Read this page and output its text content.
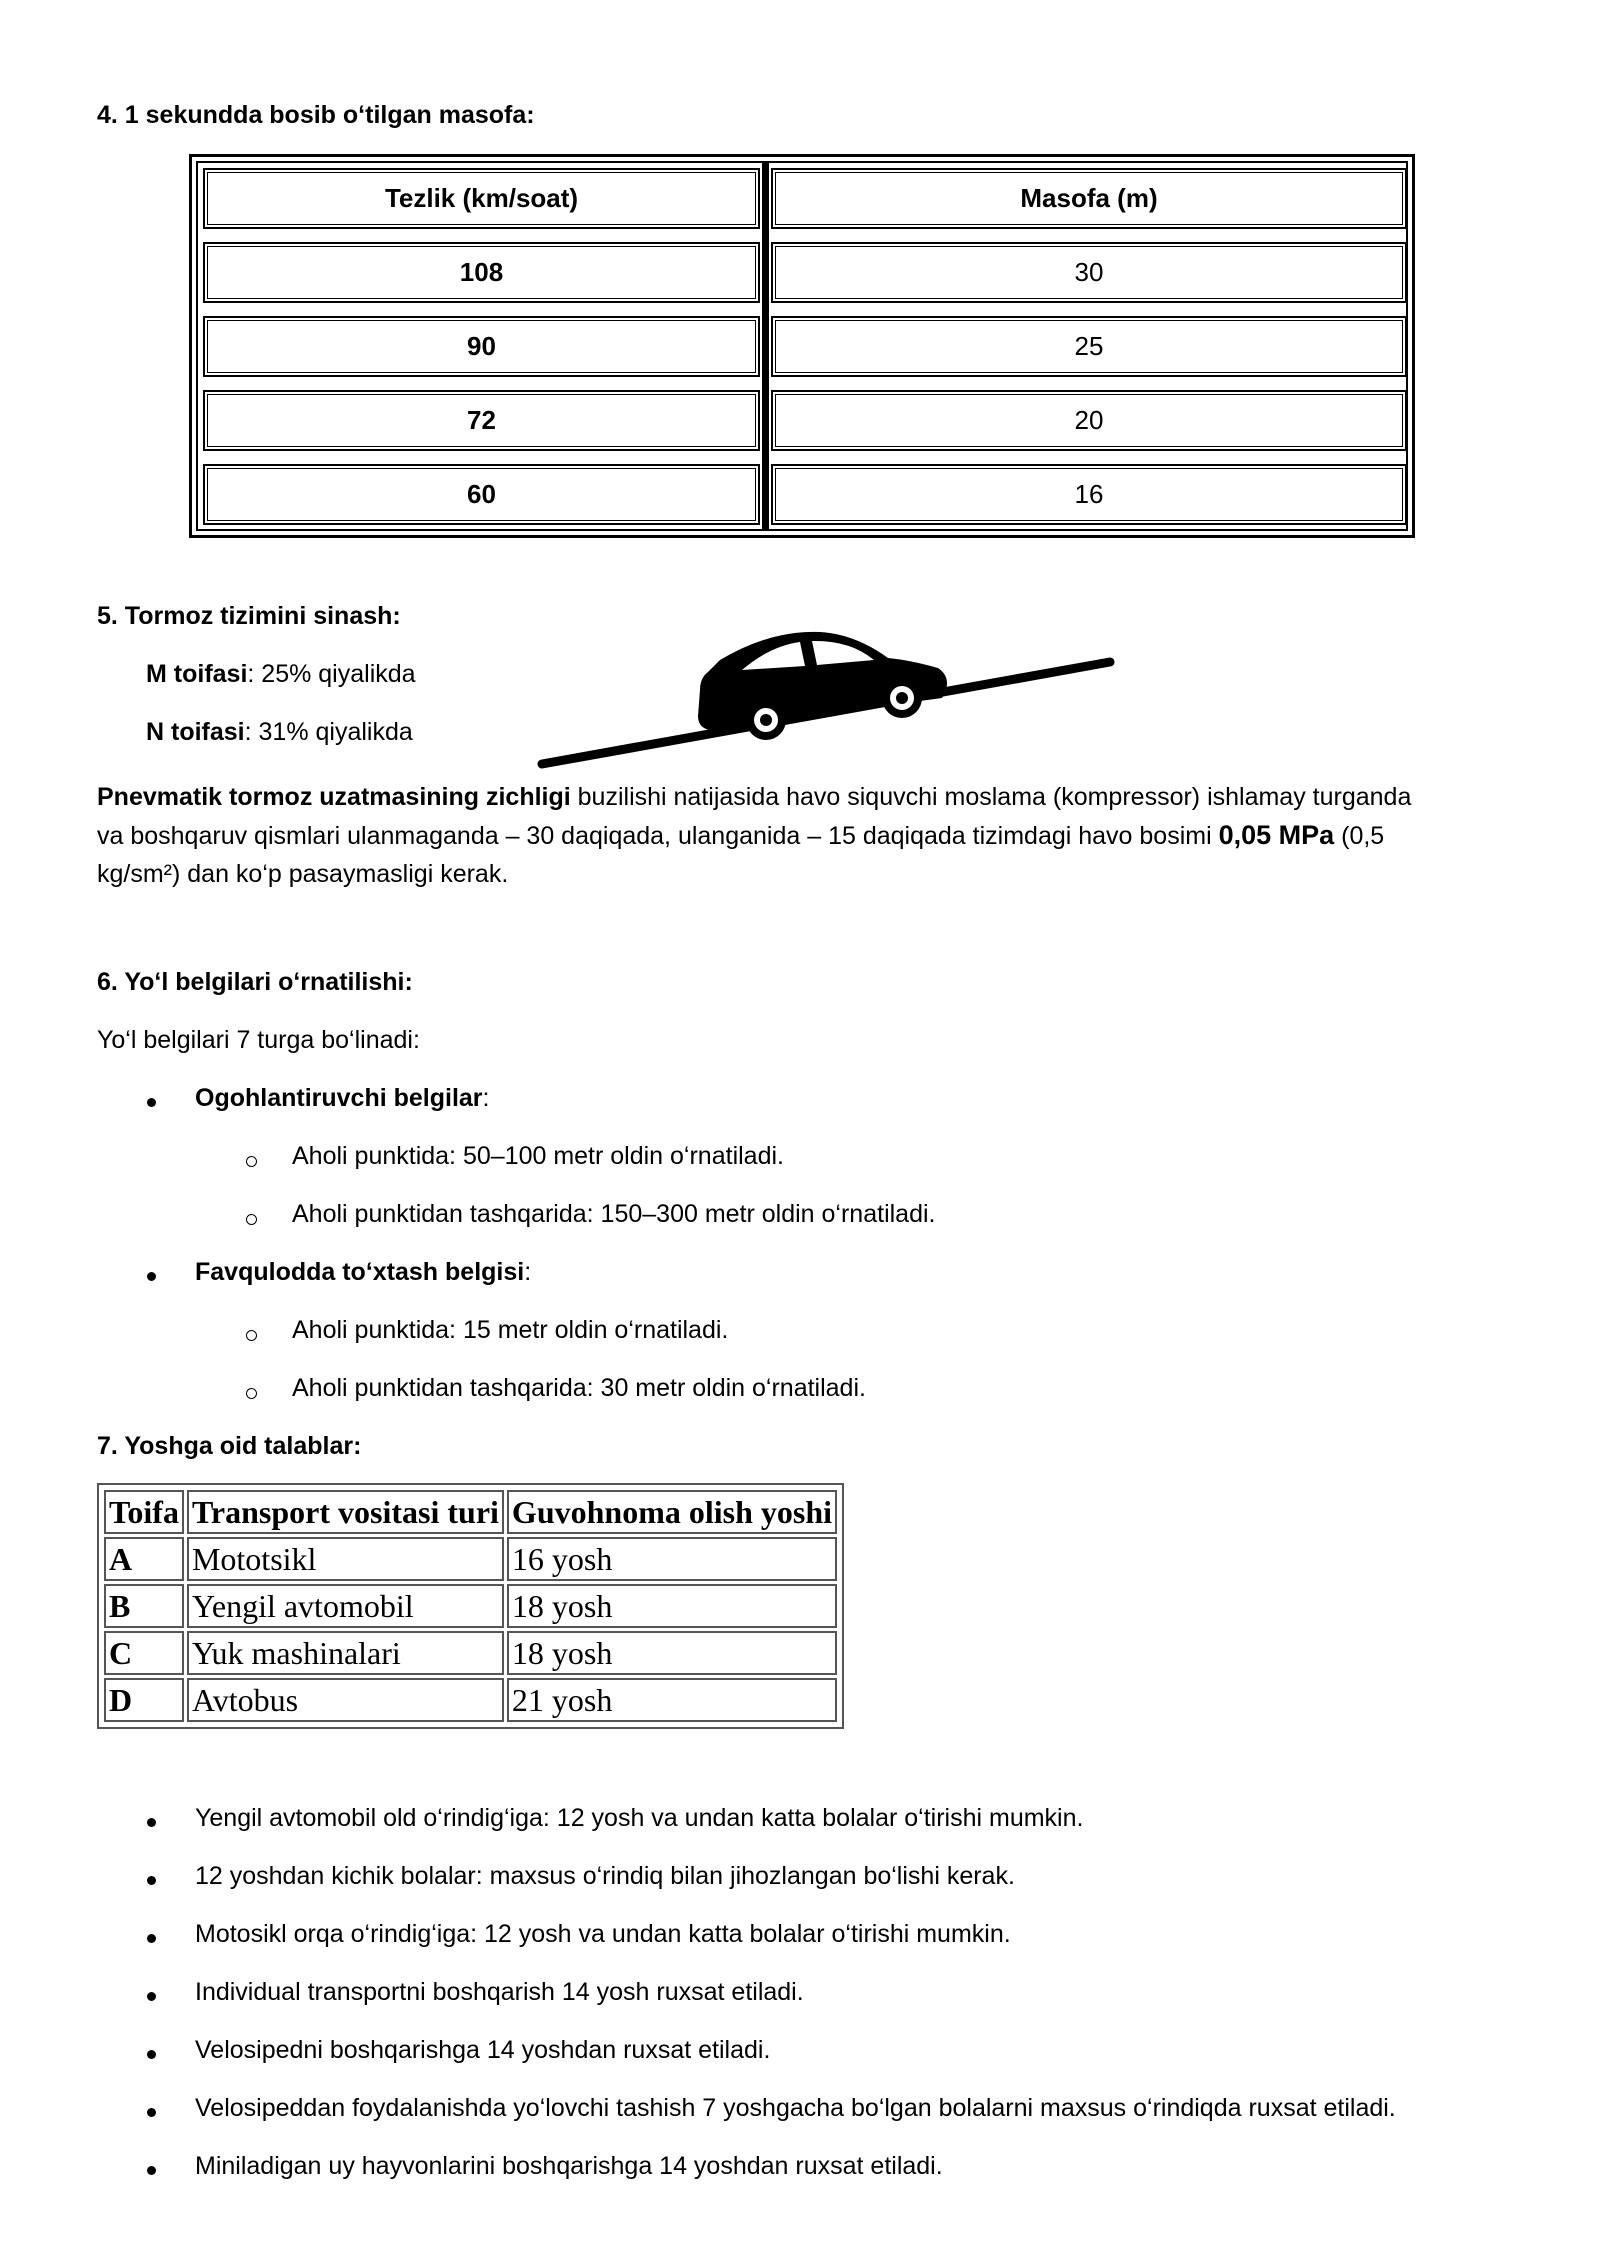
4. 1 sekundda bosib o‘tilgan masofa:
Tezlik (km/soat)	Masofa (m)
108	30
90	25
72	20
60	16
5. Tormoz tizimini sinash:
M toifasi: 25% qiyalikda
N toifasi: 31% qiyalikda
Pnevmatik tormoz uzatmasining zichligi buzilishi natijasida havo siquvchi moslama (kompressor) ishlamay turganda
va boshqaruv qismlari ulanmaganda – 30 daqiqada, ulanganida – 15 daqiqada tizimdagi havo bosimi 0,05 MPa (0,5
kg/sm²) dan ko‘p pasaymasligi kerak.
6. Yo‘l belgilari o‘rnatilishi:
Yo‘l belgilari 7 turga bo‘linadi:
Ogohlantiruvchi belgilar:
Aholi punktida: 50–100 metr oldin o‘rnatiladi.
Aholi punktidan tashqarida: 150–300 metr oldin o‘rnatiladi.
Favqulodda to‘xtash belgisi:
Aholi punktida: 15 metr oldin o‘rnatiladi.
Aholi punktidan tashqarida: 30 metr oldin o‘rnatiladi.
7. Yoshga oid talablar:
Toifa	Transport vositasi turi	Guvohnoma olish yoshi
A	Mototsikl	16 yosh
B	Yengil avtomobil	18 yosh
C	Yuk mashinalari	18 yosh
D	Avtobus	21 yosh
Yengil avtomobil old o‘rindig‘iga: 12 yosh va undan katta bolalar o‘tirishi mumkin.
12 yoshdan kichik bolalar: maxsus o‘rindiq bilan jihozlangan bo‘lishi kerak.
Motosikl orqa o‘rindig‘iga: 12 yosh va undan katta bolalar o‘tirishi mumkin.
Individual transportni boshqarish 14 yosh ruxsat etiladi.
Velosipedni boshqarishga 14 yoshdan ruxsat etiladi.
Velosipeddan foydalanishda yo‘lovchi tashish 7 yoshgacha bo‘lgan bolalarni maxsus o‘rindiqda ruxsat etiladi.
Miniladigan uy hayvonlarini boshqarishga 14 yoshdan ruxsat etiladi.
